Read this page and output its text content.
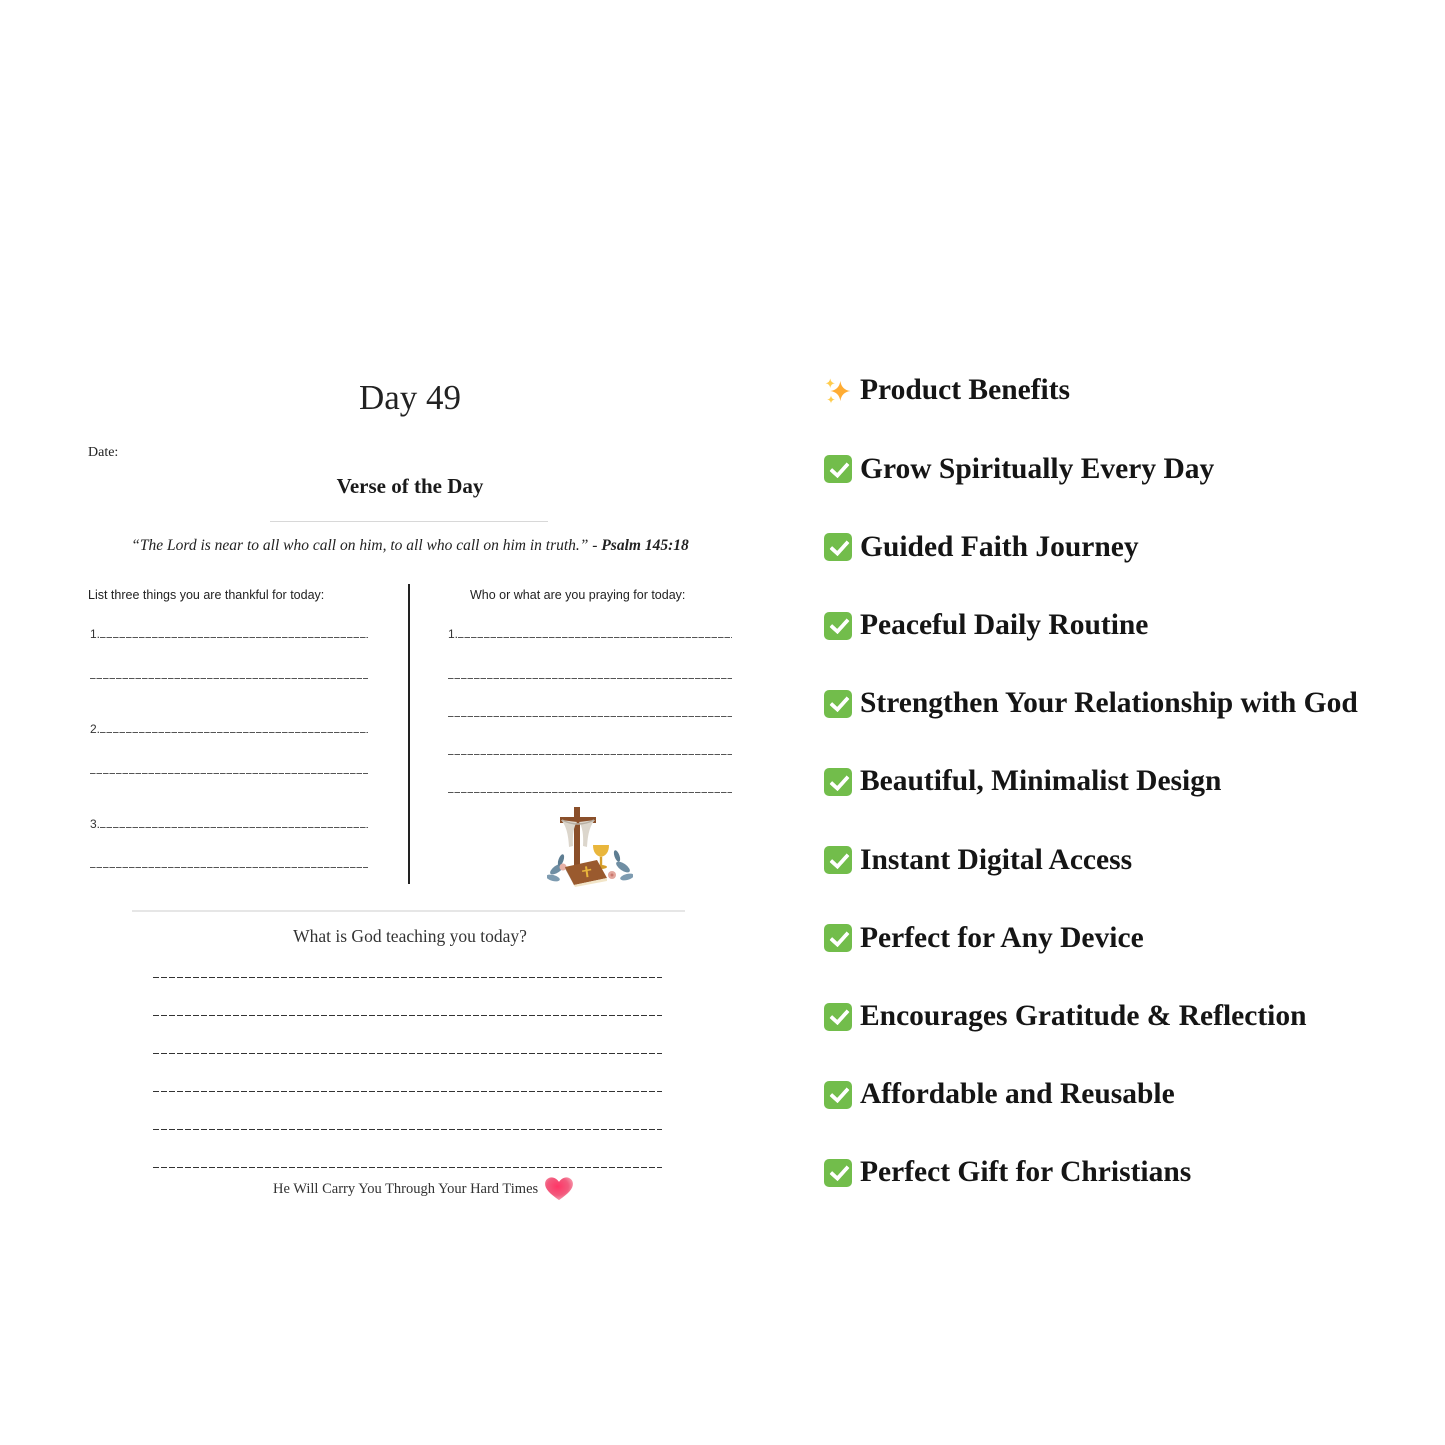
Day 49
Date:
Verse of the Day
“The Lord is near to all who call on him, to all who call on him in truth.” - Psalm 145:18
List three things you are thankful for today:	Who or what are you praying for today:
1.
2.
3.
1.
What is God teaching you today?
He Will Carry You Through Your Hard Times
Product Benefits
Grow Spiritually Every Day
Guided Faith Journey
Peaceful Daily Routine
Strengthen Your Relationship with God
Beautiful, Minimalist Design
Instant Digital Access
Perfect for Any Device
Encourages Gratitude & Reflection
Affordable and Reusable
Perfect Gift for Christians
